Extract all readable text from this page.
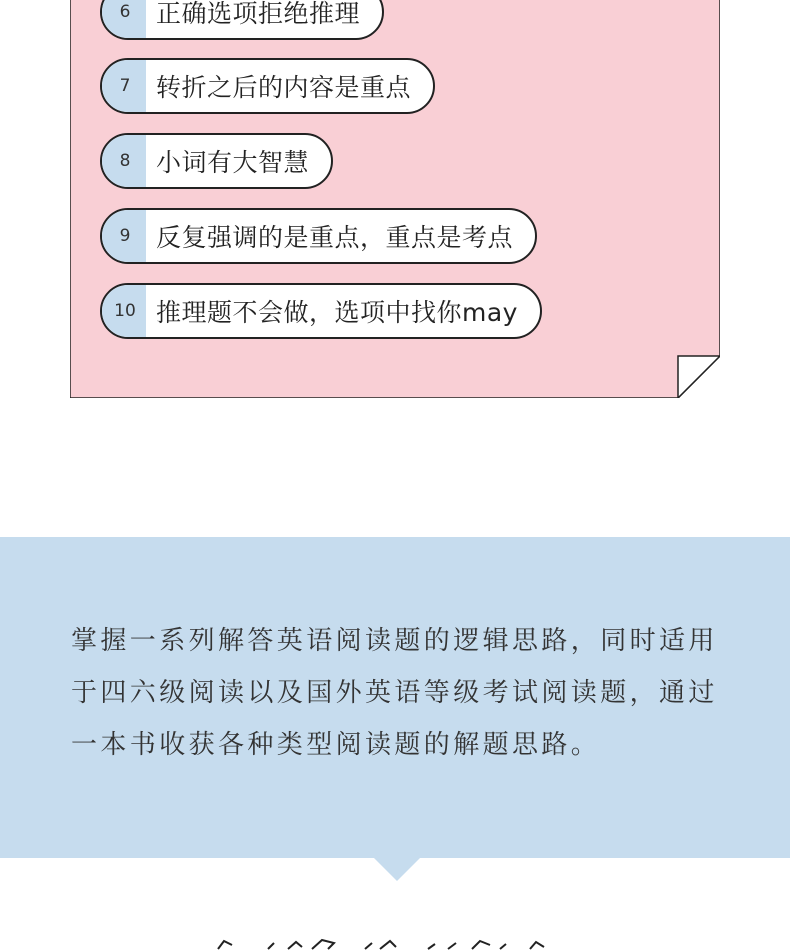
6	正确选项拒绝推理
7	转折之后的内容是重点
8	小词有大智慧
9	反复强调的是重点，重点是考点
10 推理题不会做，选项中找你may
掌握一系列解答英语阅读题的逻辑思路，同时适用于四六级阅读以及国外英语等级考试阅读题，通过一本书收获各种类型阅读题的解题思路。
